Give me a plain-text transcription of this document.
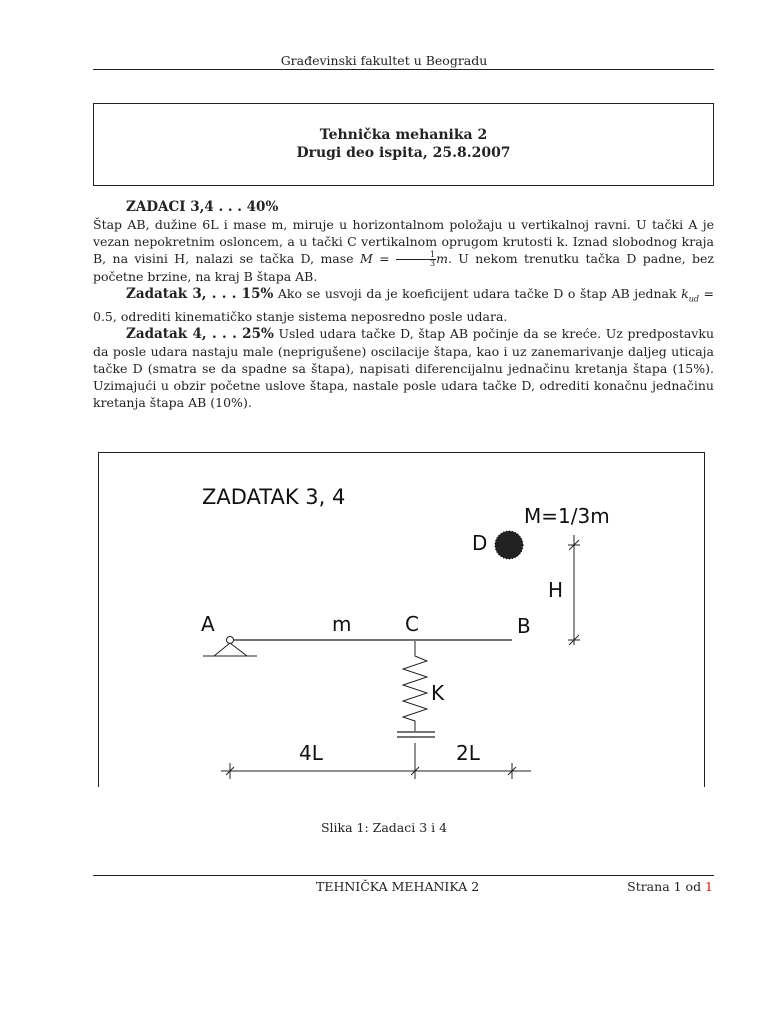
Građevinski fakultet u Beogradu
Tehnička mehanika 2
Drugi deo ispita, 25.8.2007

ZADACI 3,4 . . . 40%
Štap AB, dužine 6L i mase m, miruje u horizontalnom položaju u vertikalnoj ravni. U tački A je vezan nepokretnim osloncem, a u tački C vertikalnom oprugom krutosti k. Iznad slobodnog kraja B, na visini H, nalazi se tačka D, mase $M = \frac{1}{3} m$. U nekom trenutku tačka D padne, bez početne brzine, na kraj B štapa AB.

Zadatak 3, . . . 15% Ako se usvoji da je koeficijent udara tačke D o štap AB jednak $k_{ud} = 0.5$, odrediti kinematičko stanje sistema neposredno posle udara.

Zadatak 4, . . . 25% Usled udara tačke D, štap AB počinje da se kreće. Uz predpostavku da posle udara nastaju male (neprigušene) oscilacije štapa, kao i uz zanemarivanje daljeg uticaja tačke D (smatra se da spadne sa štapa), napisati diferencijalnu jednačinu kretanja štapa (15%). Uzimajući u obzir početne uslove štapa, nastale posle udara tačke D, odrediti konačnu jednačinu kretanja štapa AB (10%).

ZADATAK 3, 4
M=1/3m
D
H
A	m	C	B
K
4L	2L
Slika 1: Zadaci 3 i 4
TEHNIČKA MEHANIKA 2	Strana 1 od 1
